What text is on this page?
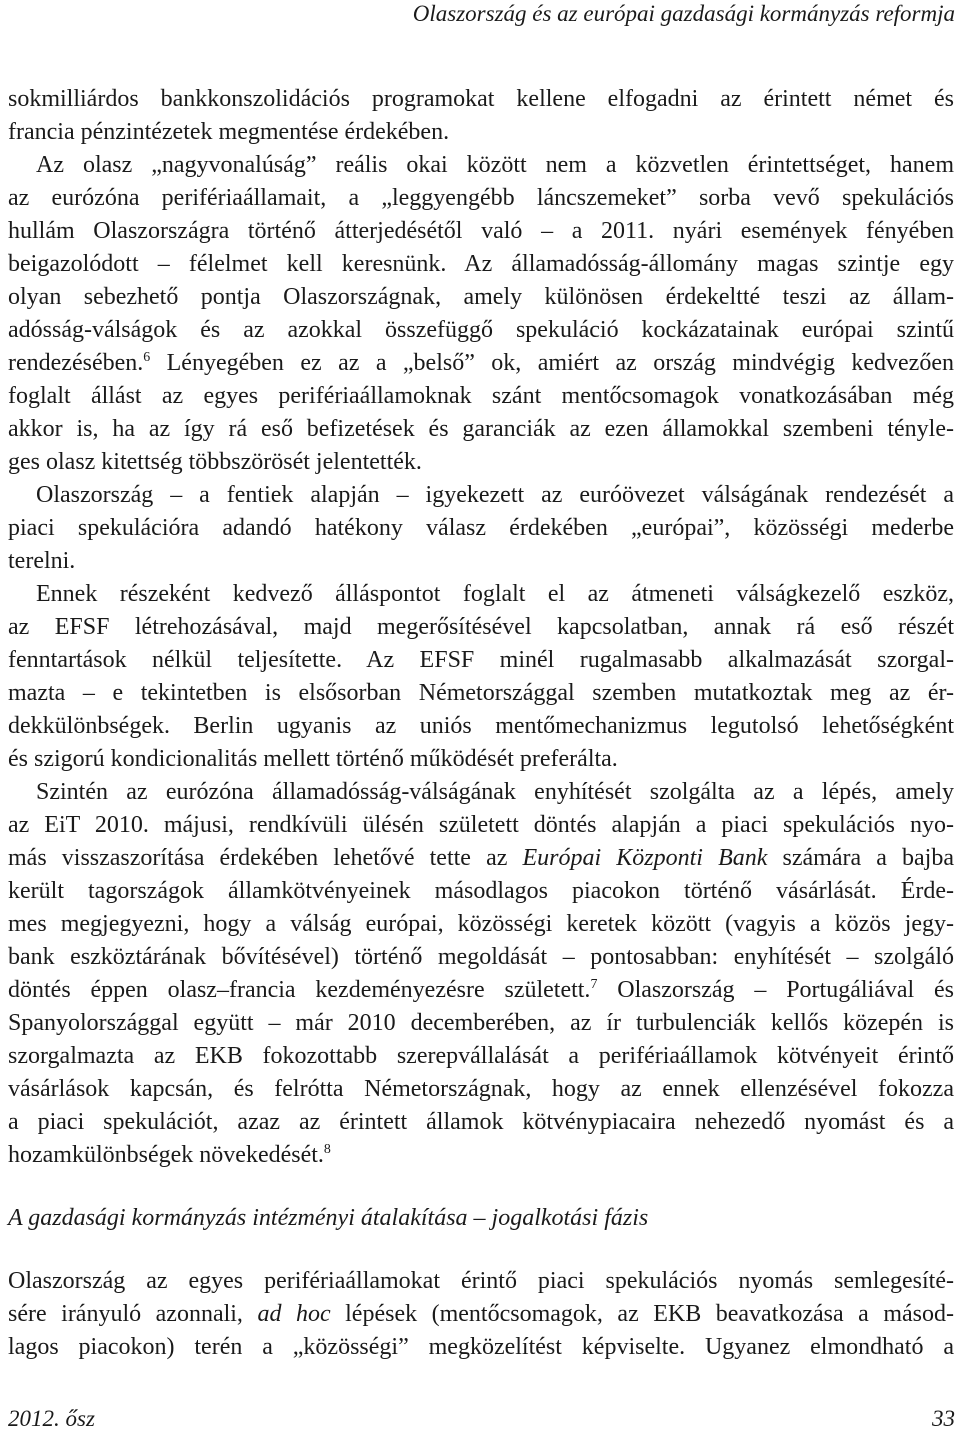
Olaszország és az európai gazdasági kormányzás reformja
sokmilliárdos bankkonszolidációs programokat kellene elfogadni az érintett német és
francia pénzintézetek megmentése érdekében.
Az olasz „nagyvonalúság” reális okai között nem a közvetlen érintettséget, hanem
az eurózóna perifériaállamait, a „leggyengébb láncszemeket” sorba vevő spekulációs
hullám Olaszországra történő átterjedésétől való – a 2011. nyári események fényében
beigazolódott – félelmet kell keresnünk. Az államadósság-állomány magas szintje egy
olyan sebezhető pontja Olaszországnak, amely különösen érdekeltté teszi az állam-
adósság-válságok és az azokkal összefüggő spekuláció kockázatainak európai szintű
rendezésében.$^6$ Lényegében ez az a „belső” ok, amiért az ország mindvégig kedvezően
foglalt állást az egyes perifériaállamoknak szánt mentőcsomagok vonatkozásában még
akkor is, ha az így rá eső befizetések és garanciák az ezen államokkal szembeni tényle-
ges olasz kitettség többszörösét jelentették.
Olaszország – a fentiek alapján – igyekezett az euróövezet válságának rendezését a
piaci spekulációra adandó hatékony válasz érdekében „európai”, közösségi mederbe
terelni.
Ennek részeként kedvező álláspontot foglalt el az átmeneti válságkezelő eszköz,
az EFSF létrehozásával, majd megerősítésével kapcsolatban, annak rá eső részét
fenntartások nélkül teljesítette. Az EFSF minél rugalmasabb alkalmazását szorgal-
mazta – e tekintetben is elsősorban Németországgal szemben mutatkoztak meg az ér-
dekkülönbségek. Berlin ugyanis az uniós mentőmechanizmus legutolsó lehetőségként
és szigorú kondicionalitás mellett történő működését preferálta.
Szintén az eurózóna államadósság-válságának enyhítését szolgálta az a lépés, amely
az EiT 2010. májusi, rendkívüli ülésén született döntés alapján a piaci spekulációs nyo-
más visszaszorítása érdekében lehetővé tette az Európai Központi Bank számára a bajba
került tagországok államkötvényeinek másodlagos piacokon történő vásárlását. Érde-
mes megjegyezni, hogy a válság európai, közösségi keretek között (vagyis a közös jegy-
bank eszköztárának bővítésével) történő megoldását – pontosabban: enyhítését – szolgáló
döntés éppen olasz–francia kezdeményezésre született.$^7$ Olaszország – Portugáliával és
Spanyolországgal együtt – már 2010 decemberében, az ír turbulenciák kellős közepén is
szorgalmazta az EKB fokozottabb szerepvállalását a perifériaállamok kötvényeit érintő
vásárlások kapcsán, és felrótta Németországnak, hogy az ennek ellenzésével fokozza
a piaci spekulációt, azaz az érintett államok kötvénypiacaira nehezedő nyomást és a
hozamkülönbségek növekedését.$^8$
A gazdasági kormányzás intézményi átalakítása – jogalkotási fázis
Olaszország az egyes perifériaállamokat érintő piaci spekulációs nyomás semlegesíté-
sére irányuló azonnali, ad hoc lépések (mentőcsomagok, az EKB beavatkozása a másod-
lagos piacokon) terén a „közösségi” megközelítést képviselte. Ugyanez elmondható a
2012. ősz	33
